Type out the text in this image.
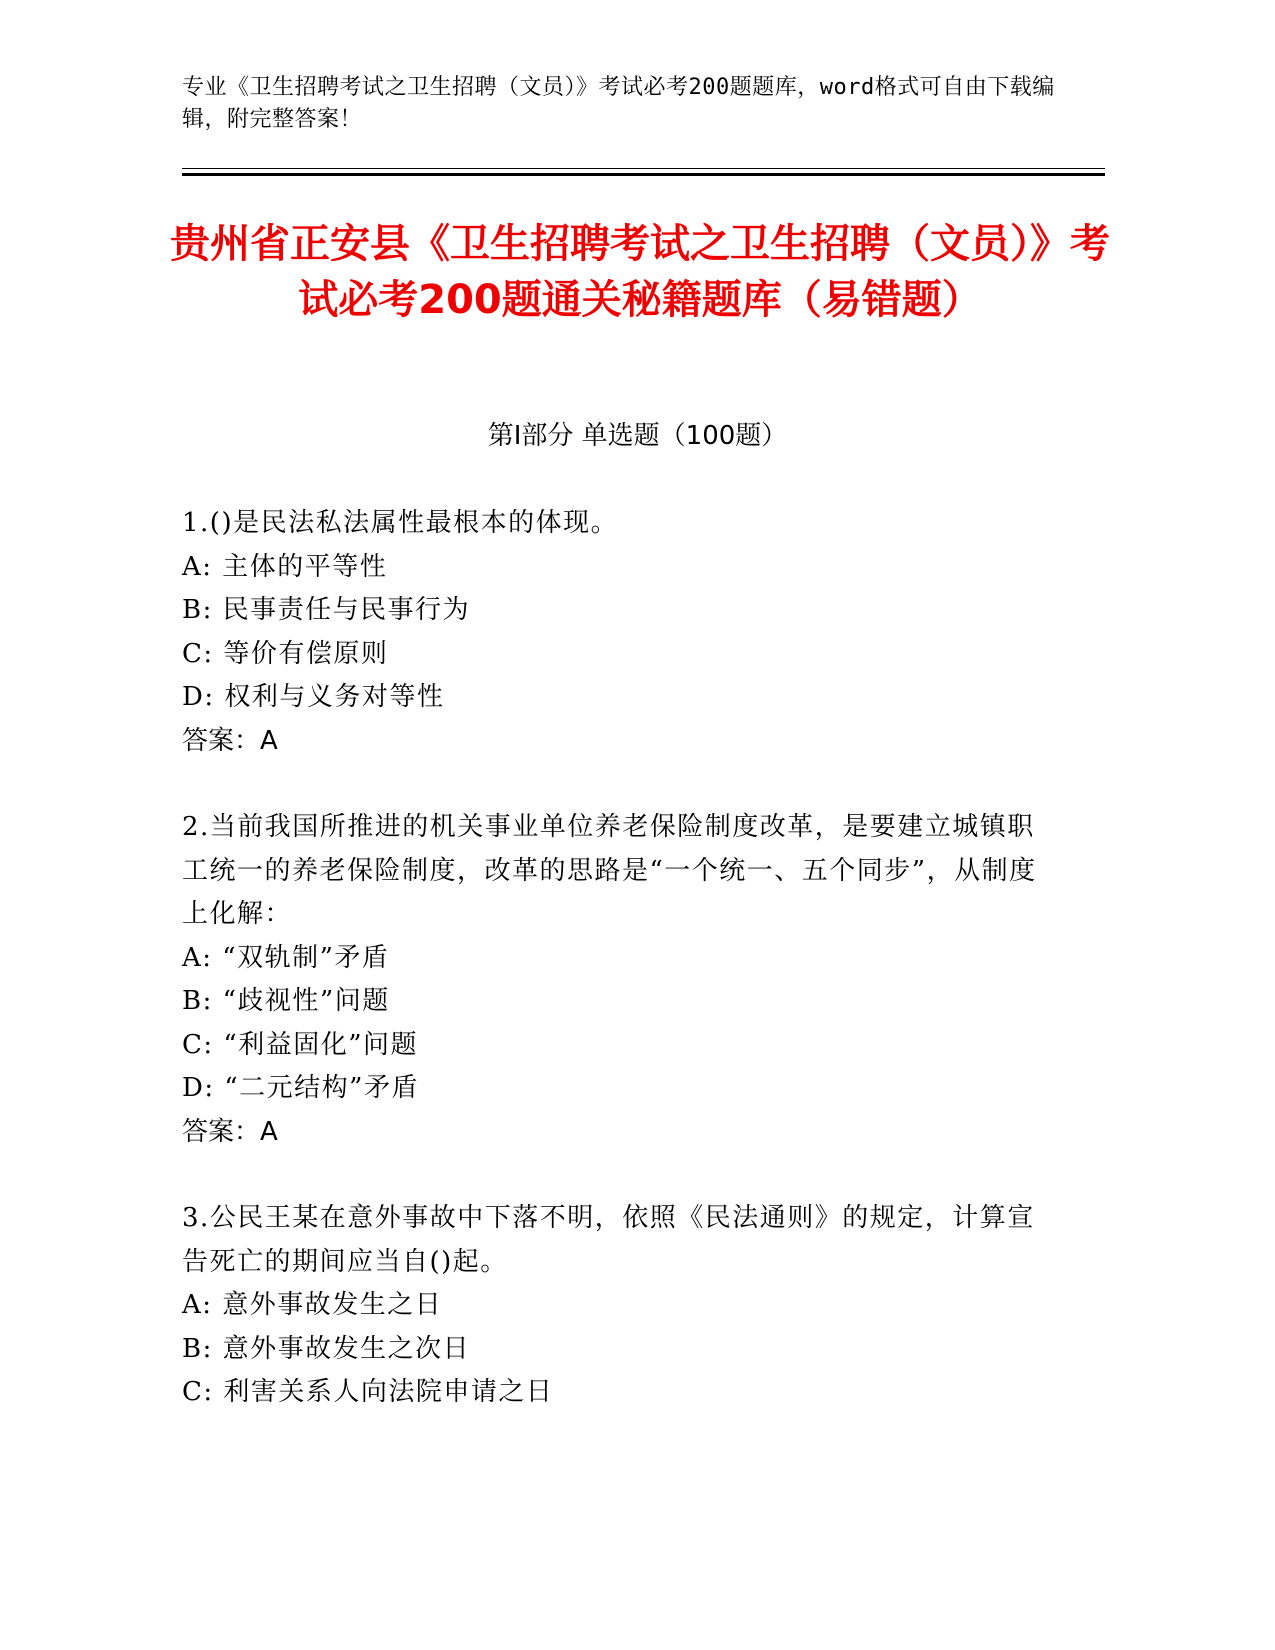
专业《卫生招聘考试之卫生招聘（文员）》考试必考200题题库，word格式可自由下载编辑，附完整答案！
贵州省正安县《卫生招聘考试之卫生招聘（文员）》考试必考200题通关秘籍题库（易错题）
第Ⅰ部分 单选题（100题）
1.()是民法私法属性最根本的体现。
A: 主体的平等性
B: 民事责任与民事行为
C: 等价有偿原则
D: 权利与义务对等性
答案：A
2.当前我国所推进的机关事业单位养老保险制度改革，是要建立城镇职工统一的养老保险制度，改革的思路是“一个统一、五个同步”，从制度上化解：
A: “双轨制”矛盾
B: “歧视性”问题
C: “利益固化”问题
D: “二元结构”矛盾
答案：A
3.公民王某在意外事故中下落不明，依照《民法通则》的规定，计算宣告死亡的期间应当自()起。
A: 意外事故发生之日
B: 意外事故发生之次日
C: 利害关系人向法院申请之日
